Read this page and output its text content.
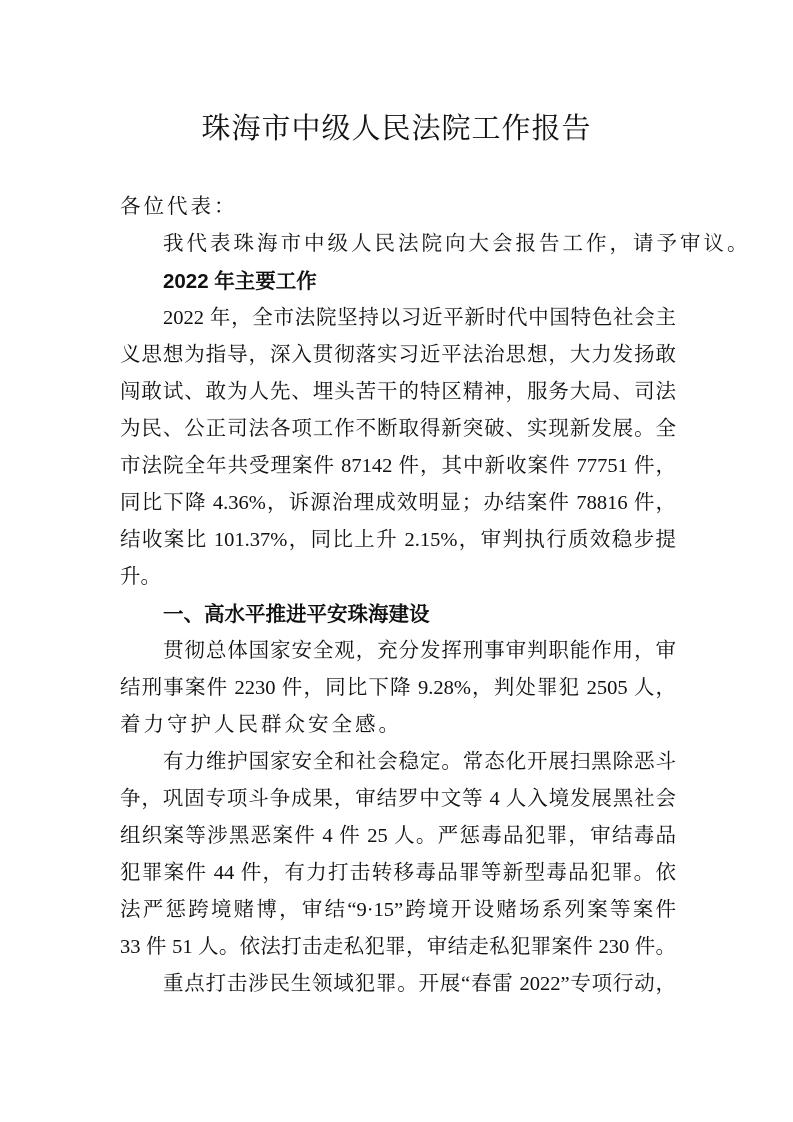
珠海市中级人民法院工作报告
各位代表：
我代表珠海市中级人民法院向大会报告工作，请予审议。
2022 年主要工作
2022 年，全市法院坚持以习近平新时代中国特色社会主
义思想为指导，深入贯彻落实习近平法治思想，大力发扬敢
闯敢试、敢为人先、埋头苦干的特区精神，服务大局、司法
为民、公正司法各项工作不断取得新突破、实现新发展。全
市法院全年共受理案件 87142 件，其中新收案件 77751 件，
同比下降 4.36%，诉源治理成效明显；办结案件 78816 件，
结收案比 101.37%，同比上升 2.15%，审判执行质效稳步提
升。
一、高水平推进平安珠海建设
贯彻总体国家安全观，充分发挥刑事审判职能作用，审
结刑事案件 2230 件，同比下降 9.28%，判处罪犯 2505 人，
着力守护人民群众安全感。
有力维护国家安全和社会稳定。常态化开展扫黑除恶斗
争，巩固专项斗争成果，审结罗中文等 4 人入境发展黑社会
组织案等涉黑恶案件 4 件 25 人。严惩毒品犯罪，审结毒品
犯罪案件 44 件，有力打击转移毒品罪等新型毒品犯罪。依
法严惩跨境赌博，审结“9·15”跨境开设赌场系列案等案件
33 件 51 人。依法打击走私犯罪，审结走私犯罪案件 230 件。
重点打击涉民生领域犯罪。开展“春雷 2022”专项行动，
